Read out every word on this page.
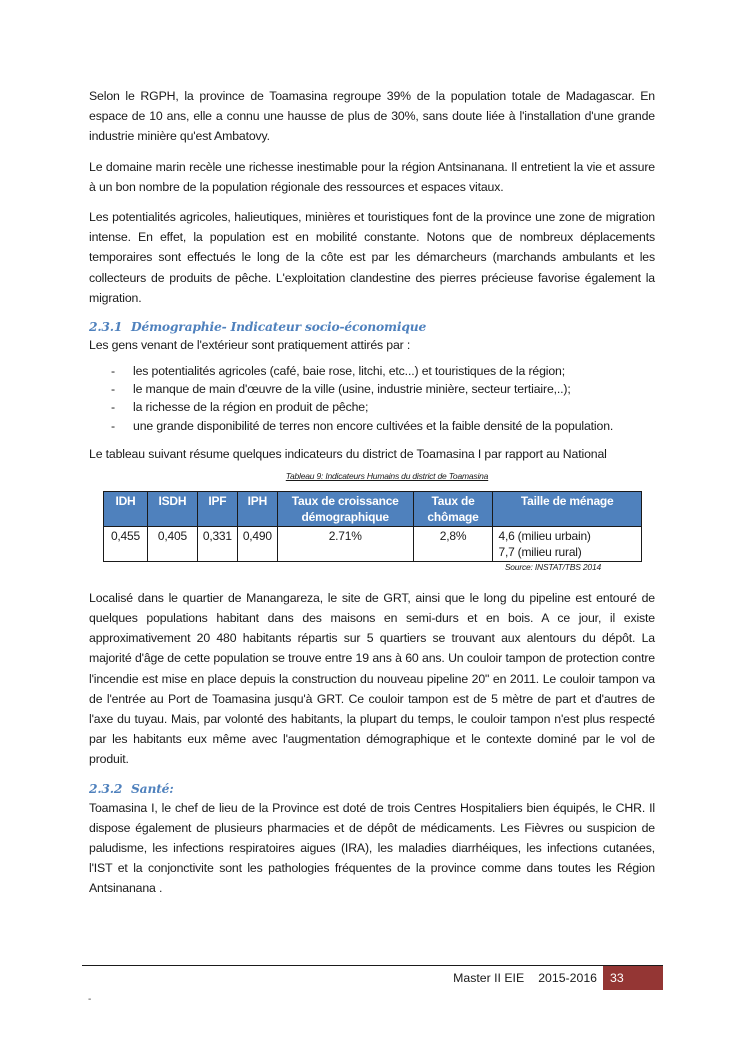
Selon le RGPH, la province de Toamasina regroupe 39% de la population totale de Madagascar. En espace de 10 ans, elle a connu une hausse de plus de 30%, sans doute liée à l'installation d'une grande industrie minière qu'est Ambatovy.

Le domaine marin recèle une richesse inestimable pour la région Antsinanana. Il entretient la vie et assure à un bon nombre de la population régionale des ressources et espaces vitaux.

Les potentialités agricoles, halieutiques, minières et touristiques font de la province une zone de migration intense. En effet, la population est en mobilité constante. Notons que de nombreux déplacements temporaires sont effectués le long de la côte est par les démarcheurs (marchands ambulants et les collecteurs de produits de pêche. L'exploitation clandestine des pierres précieuse favorise également la migration.

2.3.1 Démographie- Indicateur socio-économique

Les gens venant de l'extérieur sont pratiquement attirés par :

- les potentialités agricoles (café, baie rose, litchi, etc...) et touristiques de la région;
- le manque de main d'œuvre de la ville (usine, industrie minière, secteur tertiaire,..);
- la richesse de la région en produit de pêche;
- une grande disponibilité de terres non encore cultivées et la faible densité de la population.

Le tableau suivant résume quelques indicateurs du district de Toamasina I par rapport au National

Tableau 9: Indicateurs Humains du district de Toamasina
IDH	ISDH	IPF	IPH	Taux de croissance démographique	Taux de chômage	Taille de ménage
0,455	0,405	0,331	0,490	2.71%	2,8%	4,6 (milieu urbain)
7,7 (milieu rural)
Source: INSTAT/TBS 2014

Localisé dans le quartier de Manangareza, le site de GRT, ainsi que le long du pipeline est entouré de quelques populations habitant dans des maisons en semi-durs et en bois. A ce jour, il existe approximativement 20 480 habitants répartis sur 5 quartiers se trouvant aux alentours du dépôt. La majorité d'âge de cette population se trouve entre 19 ans à 60 ans. Un couloir tampon de protection contre l'incendie est mise en place depuis la construction du nouveau pipeline 20" en 2011. Le couloir tampon va de l'entrée au Port de Toamasina jusqu'à GRT. Ce couloir tampon est de 5 mètre de part et d'autres de l'axe du tuyau. Mais, par volonté des habitants, la plupart du temps, le couloir tampon n'est plus respecté par les habitants eux même avec l'augmentation démographique et le contexte dominé par le vol de produit.

2.3.2 Santé:

Toamasina I, le chef de lieu de la Province est doté de trois Centres Hospitaliers bien équipés, le CHR. Il dispose également de plusieurs pharmacies et de dépôt de médicaments. Les Fièvres ou suspicion de paludisme, les infections respiratoires aigues (IRA), les maladies diarrhéiques, les infections cutanées, l'IST et la conjonctivite sont les pathologies fréquentes de la province comme dans toutes les Région Antsinanana .

Master II EIE 2015-2016	33
-
